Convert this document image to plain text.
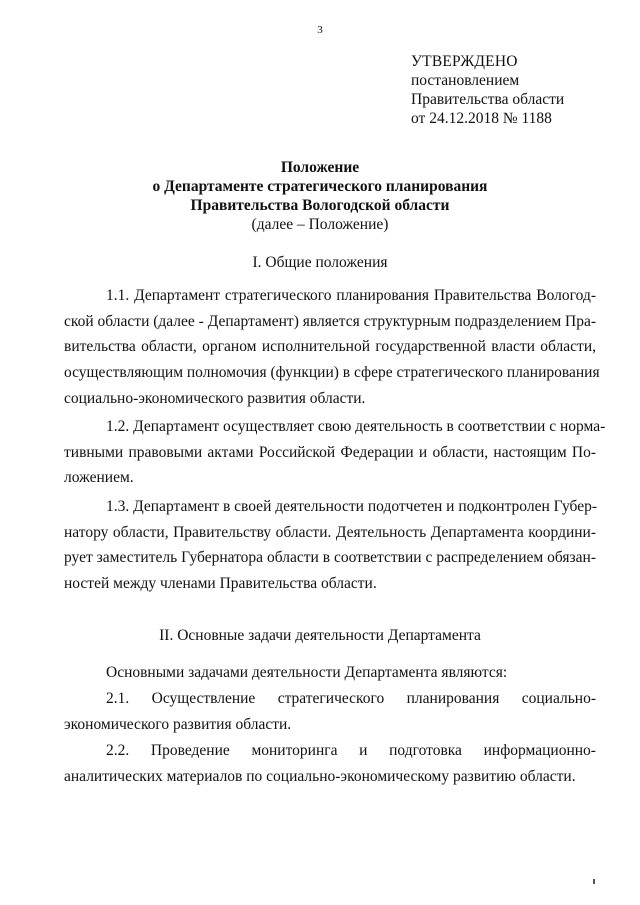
3
УТВЕРЖДЕНО
постановлением
Правительства области
от 24.12.2018 № 1188
Положение
о Департаменте стратегического планирования
Правительства Вологодской области
(далее – Положение)
I. Общие положения
1.1. Департамент стратегического планирования Правительства Вологод-
ской области (далее - Департамент) является структурным подразделением Пра-
вительства области, органом исполнительной государственной власти области,
осуществляющим полномочия (функции) в сфере стратегического планирования
социально-экономического развития области.
1.2. Департамент осуществляет свою деятельность в соответствии с норма-
тивными правовыми актами Российской Федерации и области, настоящим По-
ложением.
1.3. Департамент в своей деятельности подотчетен и подконтролен Губер-
натору области, Правительству области. Деятельность Департамента координи-
рует заместитель Губернатора области в соответствии с распределением обязан-
ностей между членами Правительства области.
II. Основные задачи деятельности Департамента
Основными задачами деятельности Департамента являются:
2.1. Осуществление стратегического планирования социально-
экономического развития области.
2.2. Проведение мониторинга и подготовка информационно-
аналитических материалов по социально-экономическому развитию области.
